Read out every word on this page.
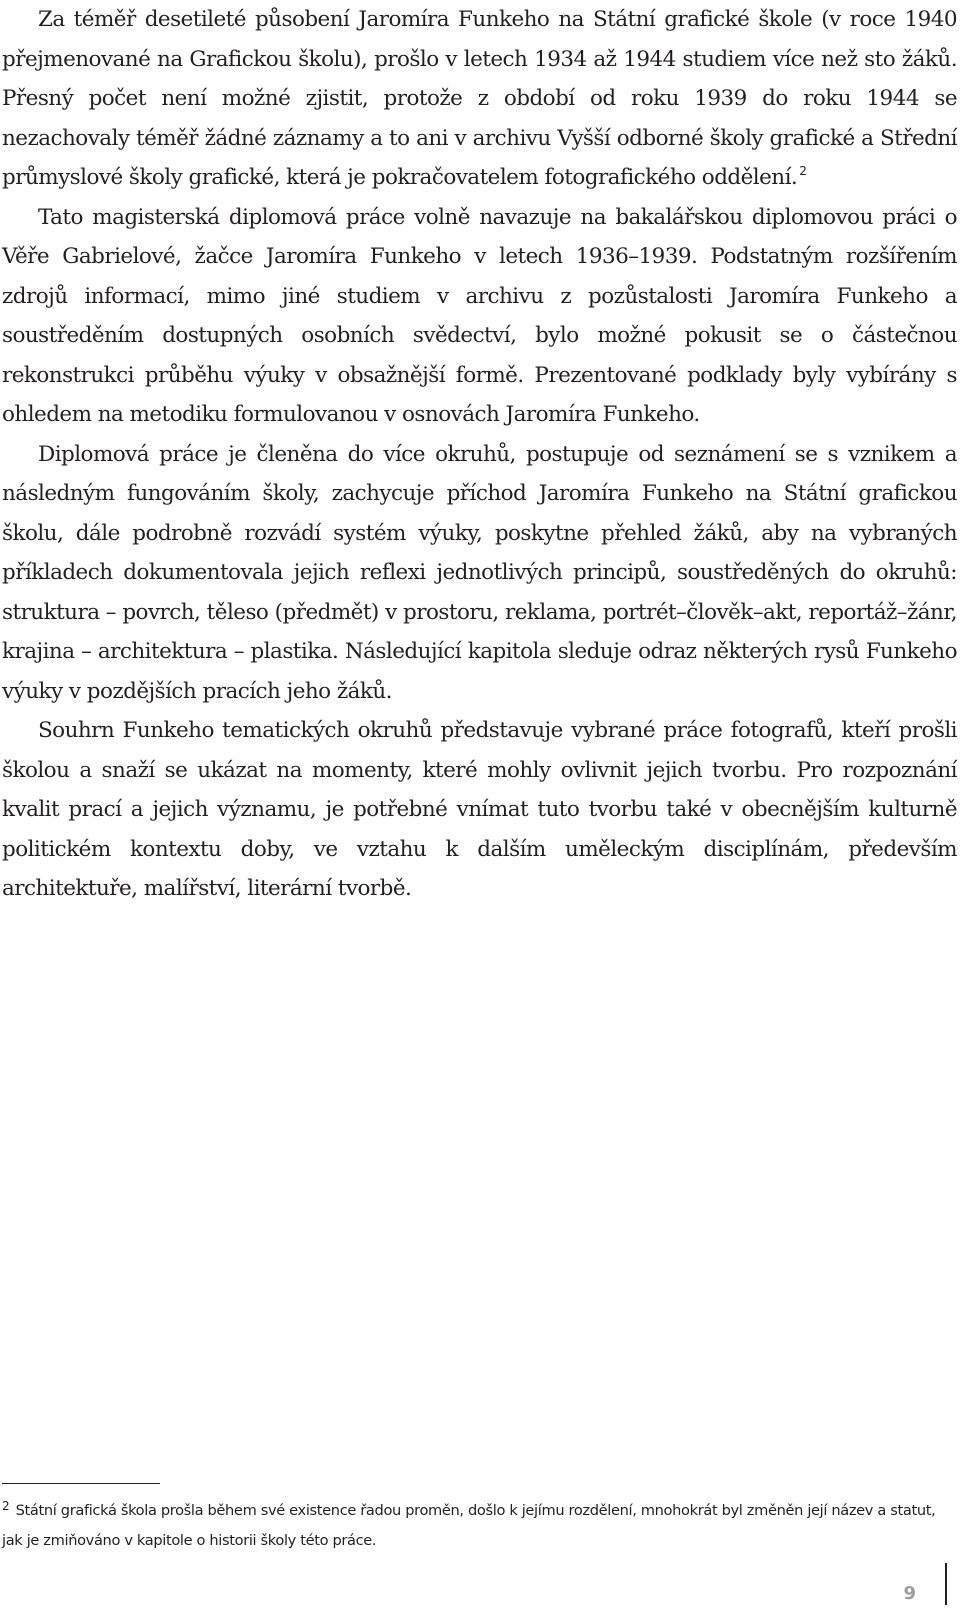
Za téměř desetileté působení Jaromíra Funkeho na Státní grafické škole (v roce 1940 přejmenované na Grafickou školu), prošlo v letech 1934 až 1944 studiem více než sto žáků. Přesný počet není možné zjistit, protože z období od roku 1939 do roku 1944 se nezachovaly téměř žádné záznamy a to ani v archivu Vyšší odborné školy grafické a Střední průmyslové školy grafické, která je pokračovatelem fotografického oddělení. $^2$

Tato magisterská diplomová práce volně navazuje na bakalářskou diplomovou práci o Věře Gabrielové, žačce Jaromíra Funkeho v letech 1936–1939. Podstatným rozšířením zdrojů informací, mimo jiné studiem v archivu z pozůstalosti Jaromíra Funkeho a soustředěním dostupných osobních svědectví, bylo možné pokusit se o částečnou rekonstrukci průběhu výuky v obsažnější formě. Prezentované podklady byly vybírány s ohledem na metodiku formulovanou v osnovách Jaromíra Funkeho.

Diplomová práce je členěna do více okruhů, postupuje od seznámení se s vznikem a následným fungováním školy, zachycuje příchod Jaromíra Funkeho na Státní grafickou školu, dále podrobně rozvádí systém výuky, poskytne přehled žáků, aby na vybraných příkladech dokumentovala jejich reflexi jednotlivých principů, soustředěných do okruhů: struktura – povrch, těleso (předmět) v prostoru, reklama, portrét–člověk–akt, reportáž–žánr, krajina – architektura – plastika. Následující kapitola sleduje odraz některých rysů Funkeho výuky v pozdějších pracích jeho žáků.

Souhrn Funkeho tematických okruhů představuje vybrané práce fotografů, kteří prošli školou a snaží se ukázat na momenty, které mohly ovlivnit jejich tvorbu. Pro rozpoznání kvalit prací a jejich významu, je potřebné vnímat tuto tvorbu také v obecnějším kulturně politickém kontextu doby, ve vztahu k dalším uměleckým disciplínám, především architektuře, malířství, literární tvorbě.

$^2$ Státní grafická škola prošla během své existence řadou proměn, došlo k jejímu rozdělení, mnohokrát byl změněn její název a statut, jak je zmiňováno v kapitole o historii školy této práce.

9
